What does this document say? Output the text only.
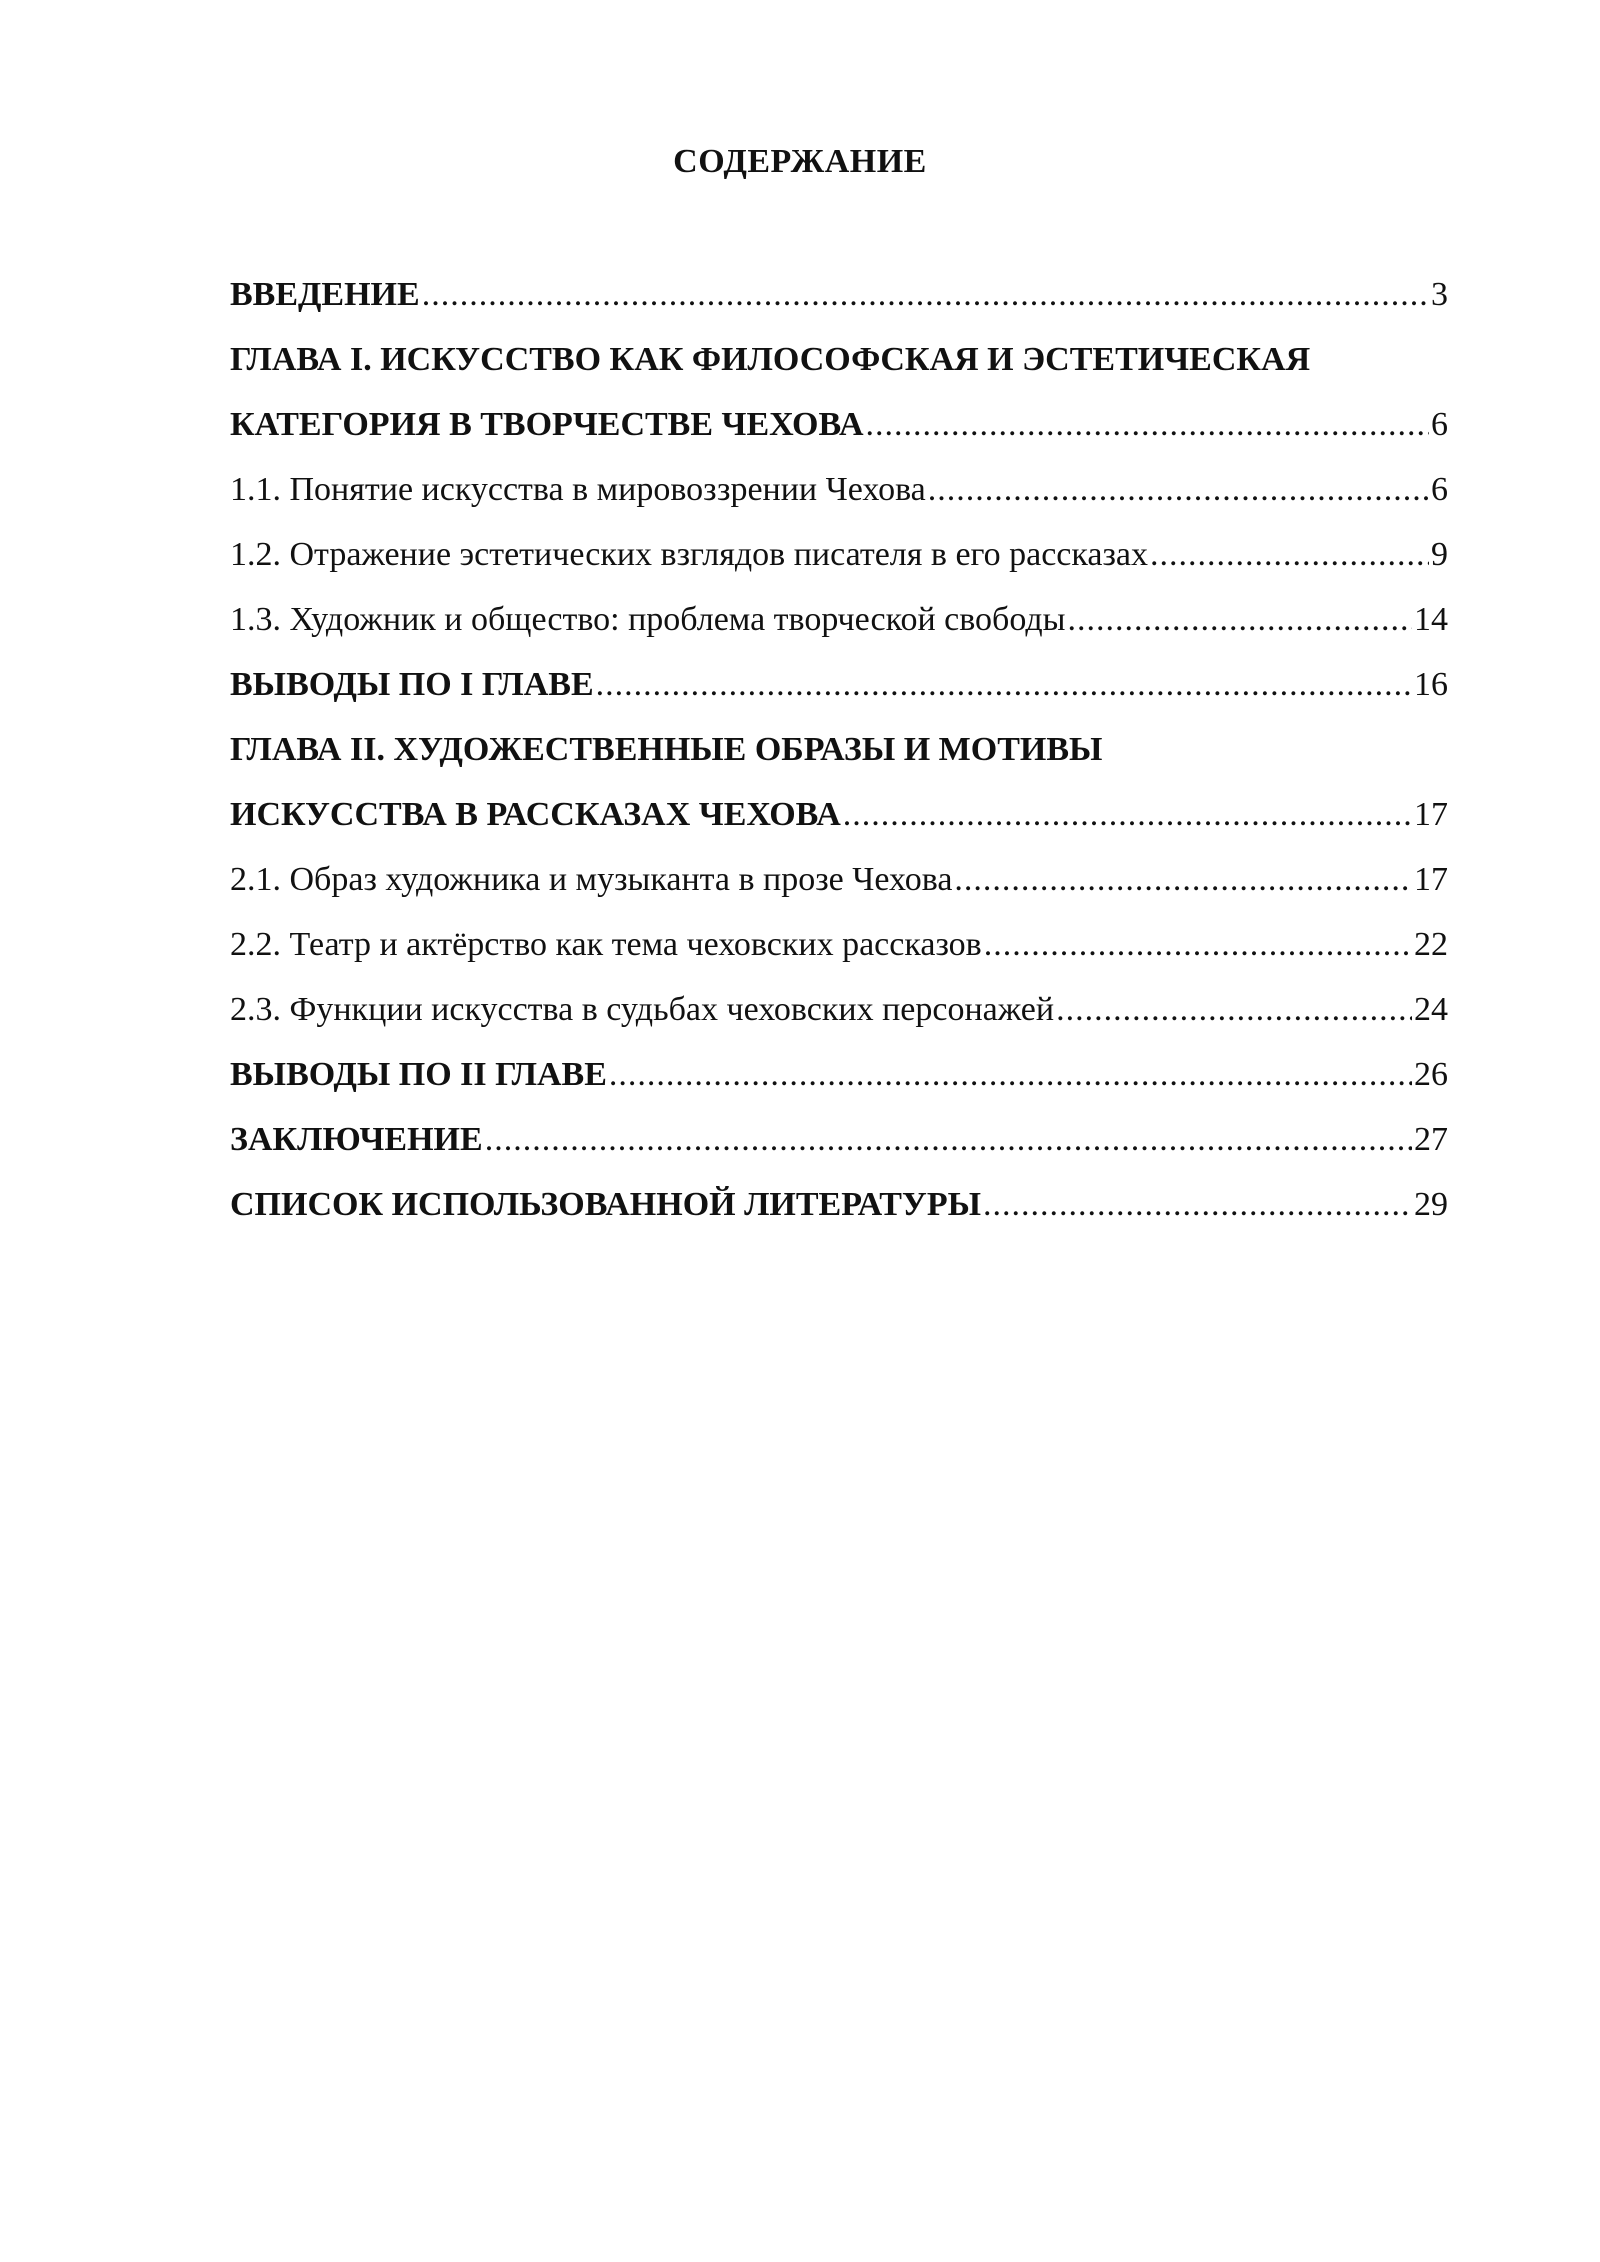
СОДЕРЖАНИЕ
ВВЕДЕНИЕ .....	3
ГЛАВА I. ИСКУССТВО КАК ФИЛОСОФСКАЯ И ЭСТЕТИЧЕСКАЯ
КАТЕГОРИЯ В ТВОРЧЕСТВЕ ЧЕХОВА .....	6
1.1. Понятие искусства в мировоззрении Чехова .....	6
1.2. Отражение эстетических взглядов писателя в его рассказах .....	9
1.3. Художник и общество: проблема творческой свободы .....	14
ВЫВОДЫ ПО I ГЛАВЕ .....	16
ГЛАВА II. ХУДОЖЕСТВЕННЫЕ ОБРАЗЫ И МОТИВЫ
ИСКУССТВА В РАССКАЗАХ ЧЕХОВА .....	17
2.1. Образ художника и музыканта в прозе Чехова .....	17
2.2. Театр и актёрство как тема чеховских рассказов .....	22
2.3. Функции искусства в судьбах чеховских персонажей .....	24
ВЫВОДЫ ПО II ГЛАВЕ .....	26
ЗАКЛЮЧЕНИЕ .....	27
СПИСОК ИСПОЛЬЗОВАННОЙ ЛИТЕРАТУРЫ .....	29
